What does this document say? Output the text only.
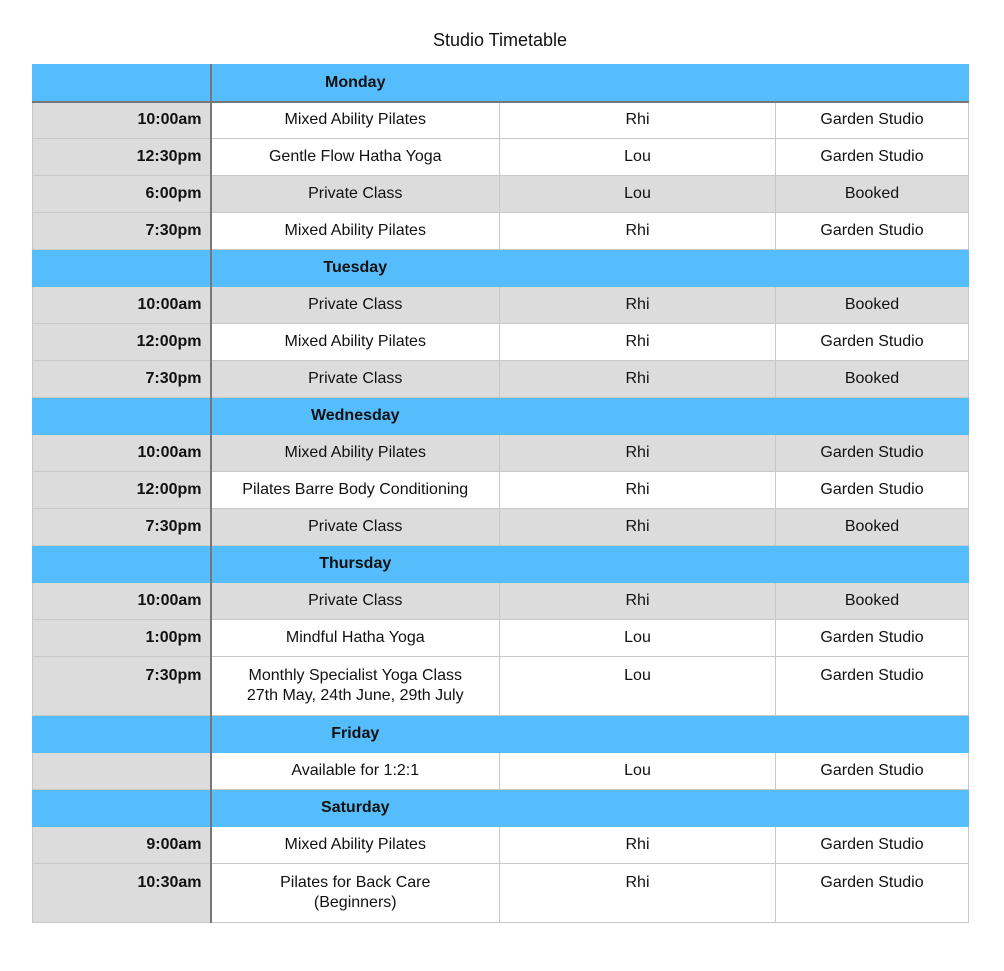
Studio Timetable
	Monday		
10:00am	Mixed Ability Pilates	Rhi	Garden Studio
12:30pm	Gentle Flow Hatha Yoga	Lou	Garden Studio
6:00pm	Private Class	Lou	Booked
7:30pm	Mixed Ability Pilates	Rhi	Garden Studio
	Tuesday		
10:00am	Private Class	Rhi	Booked
12:00pm	Mixed Ability Pilates	Rhi	Garden Studio
7:30pm	Private Class	Rhi	Booked
	Wednesday		
10:00am	Mixed Ability Pilates	Rhi	Garden Studio
12:00pm	Pilates Barre Body Conditioning	Rhi	Garden Studio
7:30pm	Private Class	Rhi	Booked
	Thursday		
10:00am	Private Class	Rhi	Booked
1:00pm	Mindful Hatha Yoga	Lou	Garden Studio
7:30pm	Monthly Specialist Yoga Class
27th May, 24th June, 29th July	Lou	Garden Studio
	Friday		

	Available for 1:2:1	Lou	Garden Studio
	Saturday		
9:00am	Mixed Ability Pilates	Rhi	Garden Studio
10:30am	Pilates for Back Care
(Beginners)	Rhi	Garden Studio
